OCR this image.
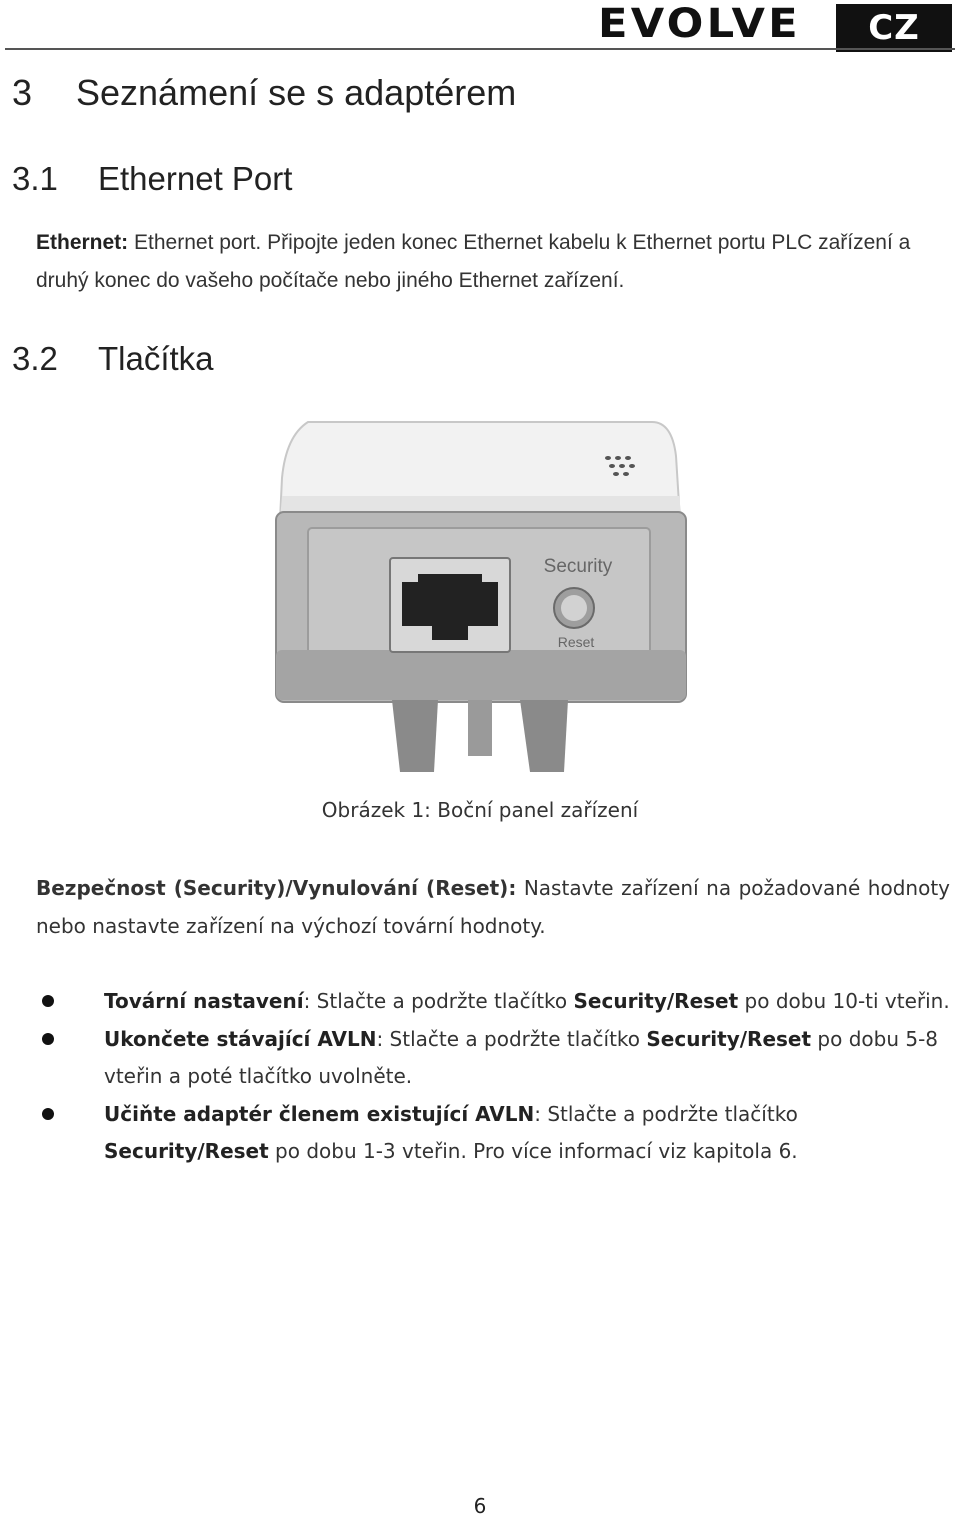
EVOLVE	CZ
3 Seznámení se s adaptérem
3.1 Ethernet Port

Ethernet: Ethernet port. Připojte jeden konec Ethernet kabelu k Ethernet portu PLC zařízení a druhý konec do vašeho počítače nebo jiného Ethernet zařízení.

3.2 Tlačítka
Security
Reset
Obrázek 1: Boční panel zařízení

Bezpečnost (Security)/Vynulování (Reset): Nastavte zařízení na požadované hodnoty nebo nastavte zařízení na výchozí tovární hodnoty.

Tovární nastavení: Stlačte a podržte tlačítko Security/Reset po dobu 10-ti vteřin.
Ukončete stávající AVLN: Stlačte a podržte tlačítko Security/Reset po dobu 5-8 vteřin a poté tlačítko uvolněte.
Učiňte adaptér členem existující AVLN: Stlačte a podržte tlačítko Security/Reset po dobu 1-3 vteřin. Pro více informací viz kapitola 6.
6
